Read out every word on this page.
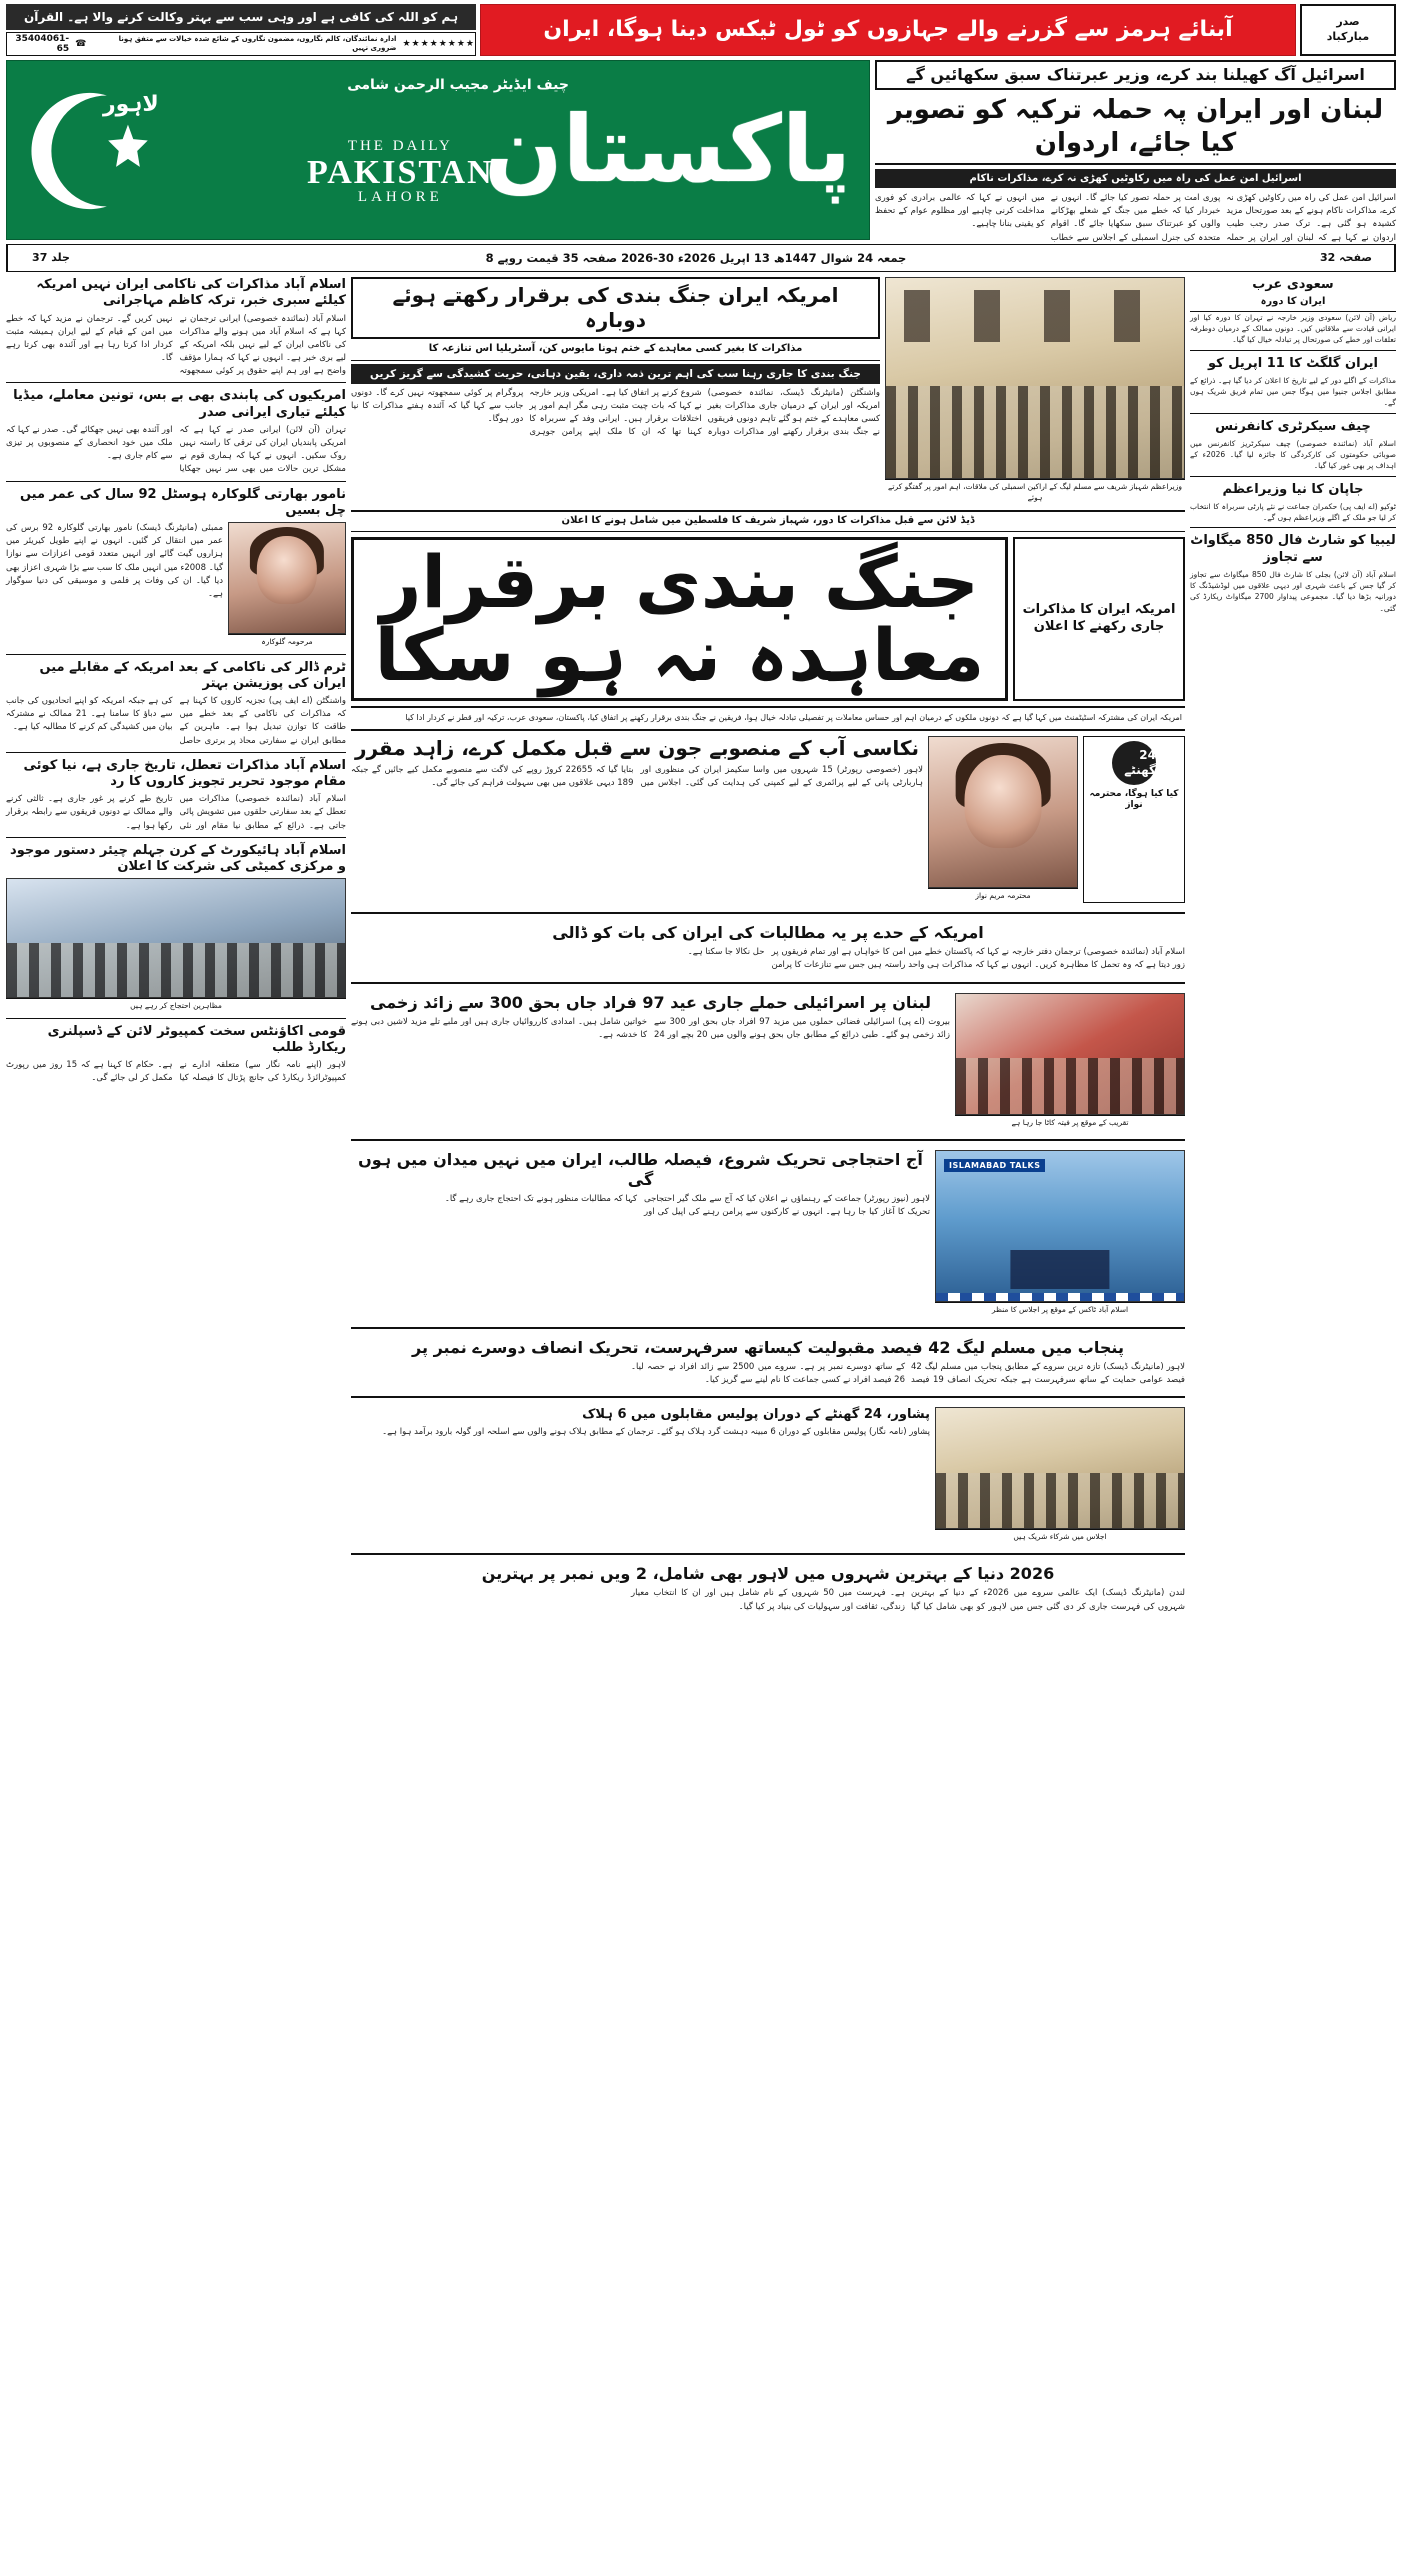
ہم کو اللہ کی کافی ہے اور وہی سب سے بہتر وکالت کرنے والا ہے۔ القرآن
★★★★★★★★
ادارہ نمائندگان، کالم نگاروں، مضمون نگاروں کے شائع شدہ خیالات سے متفق ہونا ضروری نہیں
☎
35404061-65
آبنائے ہرمز سے گزرنے والے جہازوں کو ٹول ٹیکس دینا ہوگا، ایران	صدر
مبارکباد
پاکستان
چیف ایڈیٹر مجیب الرحمن شامی
لاہور
THE DAILY
PAKISTAN
LAHORE
اسرائیل آگ کھیلنا بند کرے، وزیر عبرتناک سبق سکھائیں گے
لبنان اور ایران پہ حملہ ترکیہ کو تصویر کیا جائے، اردوان
اسرائیل امن عمل کی راہ میں رکاوٹیں کھڑی نہ کرے، مذاکرات ناکام
اسرائیل امن عمل کی راہ میں رکاوٹیں کھڑی نہ کرے، مذاکرات ناکام ہونے کے بعد صورتحال مزید کشیدہ ہو گئی ہے۔ ترک صدر رجب طیب اردوان نے کہا ہے کہ لبنان اور ایران پر حملہ پوری امت پر حملہ تصور کیا جائے گا۔ انہوں نے خبردار کیا کہ خطے میں جنگ کے شعلے بھڑکانے والوں کو عبرتناک سبق سکھایا جائے گا۔ اقوام متحدہ کی جنرل اسمبلی کے اجلاس سے خطاب میں انہوں نے کہا کہ عالمی برادری کو فوری مداخلت کرنی چاہیے اور مظلوم عوام کے تحفظ کو یقینی بنانا چاہیے۔
جلد 37	جمعہ 24 شوال 1447ھ 13 اپریل 2026ء 30-2026 صفحہ 35 قیمت روپے 8	صفحہ 32
اسلام آباد مذاکرات کی ناکامی ایران نہیں امریکہ کیلئے سبری خبر، ترکہ کاظم مہاجرانی
اسلام آباد (نمائندہ خصوصی) ایرانی ترجمان نے کہا ہے کہ اسلام آباد میں ہونے والے مذاکرات کی ناکامی ایران کے لیے نہیں بلکہ امریکہ کے لیے بری خبر ہے۔ انہوں نے کہا کہ ہمارا مؤقف واضح ہے اور ہم اپنے حقوق پر کوئی سمجھوتہ نہیں کریں گے۔ ترجمان نے مزید کہا کہ خطے میں امن کے قیام کے لیے ایران ہمیشہ مثبت کردار ادا کرتا رہا ہے اور آئندہ بھی کرتا رہے گا۔
امریکیوں کی پابندی بھی بے بس، تونین معاملے، میڈیا کیلئے تیاری ایرانی صدر
تہران (آن لائن) ایرانی صدر نے کہا ہے کہ امریکی پابندیاں ایران کی ترقی کا راستہ نہیں روک سکیں۔ انہوں نے کہا کہ ہماری قوم نے مشکل ترین حالات میں بھی سر نہیں جھکایا اور آئندہ بھی نہیں جھکائے گی۔ صدر نے کہا کہ ملک میں خود انحصاری کے منصوبوں پر تیزی سے کام جاری ہے۔
نامور بھارتی گلوکارہ ہوسٹل 92 سال کی عمر میں چل بسیں
ممبئی (مانیٹرنگ ڈیسک) نامور بھارتی گلوکارہ 92 برس کی عمر میں انتقال کر گئیں۔ انہوں نے اپنے طویل کیریئر میں ہزاروں گیت گائے اور انہیں متعدد قومی اعزازات سے نوازا گیا۔ 2008ء میں انہیں ملک کا سب سے بڑا شہری اعزاز بھی دیا گیا۔ ان کی وفات پر فلمی و موسیقی کی دنیا سوگوار ہے۔
مرحومہ گلوکارہ
ٹرم ڈالر کی ناکامی کے بعد امریکہ کے مقابلے میں ایران کی پوزیشن بہتر
واشنگٹن (اے ایف پی) تجزیہ کاروں کا کہنا ہے کہ مذاکرات کی ناکامی کے بعد خطے میں طاقت کا توازن تبدیل ہوا ہے۔ ماہرین کے مطابق ایران نے سفارتی محاذ پر برتری حاصل کی ہے جبکہ امریکہ کو اپنے اتحادیوں کی جانب سے دباؤ کا سامنا ہے۔ 21 ممالک نے مشترکہ بیان میں کشیدگی کم کرنے کا مطالبہ کیا ہے۔
اسلام آباد مذاکرات تعطل، تاریخ جاری ہے، نیا کوئی مقام موجود تحریر تجویز کاروں کا رد
اسلام آباد (نمائندہ خصوصی) مذاکرات میں تعطل کے بعد سفارتی حلقوں میں تشویش پائی جاتی ہے۔ ذرائع کے مطابق نیا مقام اور نئی تاریخ طے کرنے پر غور جاری ہے۔ ثالثی کرنے والے ممالک نے دونوں فریقوں سے رابطہ برقرار رکھا ہوا ہے۔
اسلام آباد ہائیکورٹ کے کرن جہلم چیئر دستور موجود و مرکزی کمیٹی کی شرکت کا اعلان
مظاہرین احتجاج کر رہے ہیں
قومی اکاؤنٹس سخت کمپیوٹر لائن کے ڈسپلنری ریکارڈ طلب
لاہور (اپنے نامہ نگار سے) متعلقہ ادارے نے کمپیوٹرائزڈ ریکارڈ کی جانچ پڑتال کا فیصلہ کیا ہے۔ حکام کا کہنا ہے کہ 15 روز میں رپورٹ مکمل کر لی جائے گی۔
امریکہ ایران جنگ بندی کی برقرار رکھتے ہوئے دوبارہ
مذاکرات کا بغیر کسی معاہدے کے ختم ہونا مایوس کن، آسٹریلیا اس تنازعہ کا
جنگ بندی کا جاری رہنا سب کی اہم ترین ذمہ داری، یقین دہانی، حریت کشیدگی سے گریز کریں
واشنگٹن (مانیٹرنگ ڈیسک، نمائندہ خصوصی) امریکہ اور ایران کے درمیان جاری مذاکرات بغیر کسی معاہدے کے ختم ہو گئے تاہم دونوں فریقوں نے جنگ بندی برقرار رکھنے اور مذاکرات دوبارہ شروع کرنے پر اتفاق کیا ہے۔ امریکی وزیر خارجہ نے کہا کہ بات چیت مثبت رہی مگر اہم امور پر اختلافات برقرار ہیں۔ ایرانی وفد کے سربراہ کا کہنا تھا کہ ان کا ملک اپنے پرامن جوہری پروگرام پر کوئی سمجھوتہ نہیں کرے گا۔ دونوں جانب سے کہا گیا کہ آئندہ ہفتے مذاکرات کا نیا دور ہوگا۔
وزیراعظم شہباز شریف سے مسلم لیگ کے اراکین اسمبلی کی ملاقات، اہم امور پر گفتگو کرتے ہوئے
ڈیڈ لائن سے قبل مذاکرات کا دور، شہباز شریف کا فلسطین میں شامل ہونے کا اعلان
جنگ بندی برقرار معاہدہ نہ ہو سکا
امریکہ ایران کا مذاکرات جاری رکھنے کا اعلان
امریکہ ایران کی مشترکہ اسٹیٹمنٹ میں کہا گیا ہے کہ دونوں ملکوں کے درمیان اہم اور حساس معاملات پر تفصیلی تبادلہ خیال ہوا، فریقین نے جنگ بندی برقرار رکھنے پر اتفاق کیا، پاکستان، سعودی عرب، ترکیہ اور قطر نے کردار ادا کیا
نکاسی آب کے منصوبے جون سے قبل مکمل کرے، زاہد مقرر
لاہور (خصوصی رپورٹر) 15 شہروں میں واسا سکیمز ایران کی منظوری اور ہاربارٹی پانی کے لیے پرائمری کے لیے کمپنی کی ہدایت کی گئی۔ اجلاس میں بتایا گیا کہ 22655 کروڑ روپے کی لاگت سے منصوبے مکمل کیے جائیں گے جبکہ 189 دیہی علاقوں میں بھی سہولت فراہم کی جائے گی۔
محترمہ مریم نواز
24 گھنٹے
کیا کیا ہوگا، محترمہ نواز
امریکہ کے حدے پر یہ مطالبات کی ایران کی بات کو ڈالی
اسلام آباد (نمائندہ خصوصی) ترجمان دفتر خارجہ نے کہا کہ پاکستان خطے میں امن کا خواہاں ہے اور تمام فریقوں پر زور دیتا ہے کہ وہ تحمل کا مظاہرہ کریں۔ انہوں نے کہا کہ مذاکرات ہی واحد راستہ ہیں جس سے تنازعات کا پرامن حل نکالا جا سکتا ہے۔
لبنان پر اسرائیلی حملے جاری عید 97 فراد جاں بحق 300 سے زائد زخمی
بیروت (اے پی) اسرائیلی فضائی حملوں میں مزید 97 افراد جاں بحق اور 300 سے زائد زخمی ہو گئے۔ طبی ذرائع کے مطابق جاں بحق ہونے والوں میں 20 بچے اور 24 خواتین شامل ہیں۔ امدادی کارروائیاں جاری ہیں اور ملبے تلے مزید لاشیں دبی ہونے کا خدشہ ہے۔
تقریب کے موقع پر فیتہ کاٹا جا رہا ہے
آج احتجاجی تحریک شروع، فیصلہ طالب، ایران میں نہیں میدان میں ہوں گی
لاہور (نیوز رپورٹر) جماعت کے رہنماؤں نے اعلان کیا کہ آج سے ملک گیر احتجاجی تحریک کا آغاز کیا جا رہا ہے۔ انہوں نے کارکنوں سے پرامن رہنے کی اپیل کی اور کہا کہ مطالبات منظور ہونے تک احتجاج جاری رہے گا۔
ISLAMABAD TALKS
اسلام آباد ٹاکس کے موقع پر اجلاس کا منظر
پنجاب میں مسلم لیگ 42 فیصد مقبولیت کیساتھ سرفہرست، تحریک انصاف دوسرے نمبر پر
لاہور (مانیٹرنگ ڈیسک) تازہ ترین سروے کے مطابق پنجاب میں مسلم لیگ 42 فیصد عوامی حمایت کے ساتھ سرفہرست ہے جبکہ تحریک انصاف 19 فیصد کے ساتھ دوسرے نمبر پر ہے۔ سروے میں 2500 سے زائد افراد نے حصہ لیا۔ 26 فیصد افراد نے کسی جماعت کا نام لینے سے گریز کیا۔
پشاور، 24 گھنٹے کے دوران پولیس مقابلوں میں 6 ہلاک
پشاور (نامہ نگار) پولیس مقابلوں کے دوران 6 مبینہ دہشت گرد ہلاک ہو گئے۔ ترجمان کے مطابق ہلاک ہونے والوں سے اسلحہ اور گولہ بارود برآمد ہوا ہے۔
اجلاس میں شرکاء شریک ہیں
2026 دنیا کے بہترین شہروں میں لاہور بھی شامل، 2 ویں نمبر پر بہترین
لندن (مانیٹرنگ ڈیسک) ایک عالمی سروے میں 2026ء کے دنیا کے بہترین شہروں کی فہرست جاری کر دی گئی جس میں لاہور کو بھی شامل کیا گیا ہے۔ فہرست میں 50 شہروں کے نام شامل ہیں اور ان کا انتخاب معیار زندگی، ثقافت اور سہولیات کی بنیاد پر کیا گیا۔
سعودی عرب
ایران کا دورہ
ریاض (آن لائن) سعودی وزیر خارجہ نے تہران کا دورہ کیا اور ایرانی قیادت سے ملاقاتیں کیں۔ دونوں ممالک کے درمیان دوطرفہ تعلقات اور خطے کی صورتحال پر تبادلہ خیال کیا گیا۔
ایران گلگٹ کا 11 اپریل کو
مذاکرات کے اگلے دور کے لیے تاریخ کا اعلان کر دیا گیا ہے۔ ذرائع کے مطابق اجلاس جنیوا میں ہوگا جس میں تمام فریق شریک ہوں گے۔
چیف سیکرٹری کانفرنس
اسلام آباد (نمائندہ خصوصی) چیف سیکرٹریز کانفرنس میں صوبائی حکومتوں کی کارکردگی کا جائزہ لیا گیا۔ 2026ء کے اہداف پر بھی غور کیا گیا۔
جاپان کا نیا وزیراعظم
ٹوکیو (اے ایف پی) حکمران جماعت نے نئے پارٹی سربراہ کا انتخاب کر لیا جو ملک کے اگلے وزیراعظم ہوں گے۔
لیبیا کو شارٹ فال 850 میگاواٹ سے تجاوز
اسلام آباد (آن لائن) بجلی کا شارٹ فال 850 میگاواٹ سے تجاوز کر گیا جس کے باعث شہری اور دیہی علاقوں میں لوڈشیڈنگ کا دورانیہ بڑھا دیا گیا۔ مجموعی پیداوار 2700 میگاواٹ ریکارڈ کی گئی۔
